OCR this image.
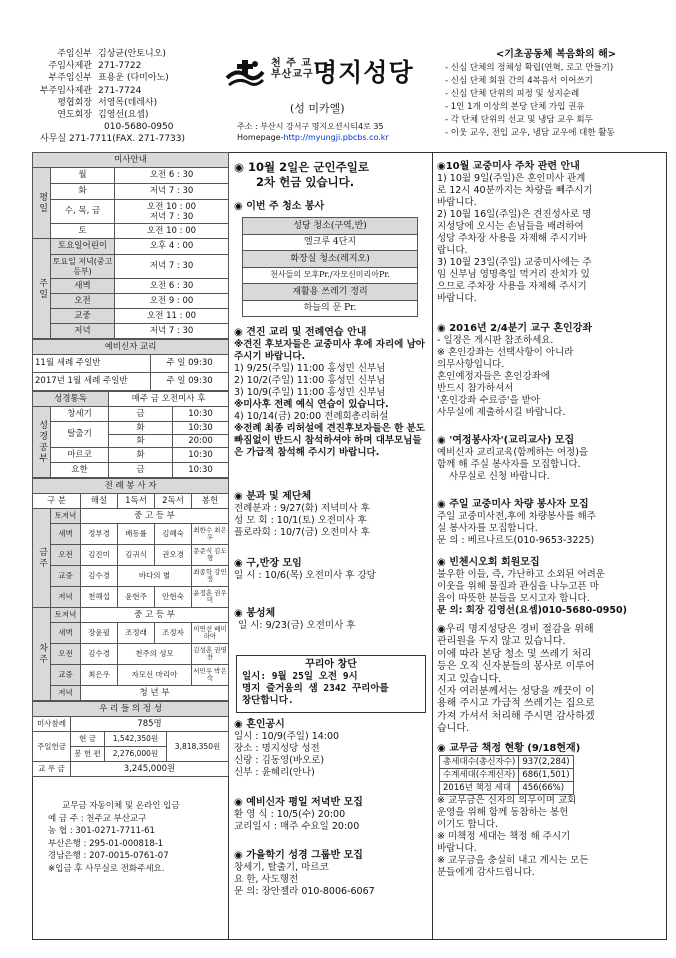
주임신부 김상균(안토니오)
주임사제관 271-7722
부주임신부 표용운 (다미아노)
부주임사제관 271-7724
평협회장 서영목(데레사)
연도회장 김영선(요셉)
010-5680-0950
사무실 271-7711(FAX. 271-7733)
천 주 교
부산교구 명지성당
(성 미카엘)
주소 : 부산시 강서구 명지오션시티4로 35
Homepage-http://myungji.pbcbs.co.kr
<기초공동체 복음화의 해>
- 신심 단체의 정체성 확립(연혁, 로고 만들기)
- 신심 단체 회원 간의 4복음서 이어쓰기
- 신심 단체 단위의 피정 및 성지순례
- 1인 1개 이상의 본당 단체 가입 권유
- 각 단체 단위의 선교 및 냉담 교우 회두
- 이웃 교우, 전입 교우, 냉담 교우에 대한 활동
미사안내		
평일	월	오전 6 : 30
	화	저녁 7 : 30
	수, 목, 금	오전 10 : 00
저녁 7 : 30

	토	오전 10 : 00
주일	토요일어린이	오후 4 : 00
	토요일 저녁(중고등부)	저녁 7 : 30
	새벽	오전 6 : 30
	오전	오전 9 : 00
	교중	오전 11 : 00
	저녁	저녁 7 : 30
예비신자 교리	
11월 세례 주일반	주 일 09:30
2017년 1월 세례 주일반	주 일 09:30
성경통독		매주 금 오전미사 후	
성경공부	창세기	금	10:30
	탈출기	화	10:30
		화	20:00
	마르코	화	10:30
	요한	금	10:30
전 례 봉 사 자					
구 분		해설	1독서	2독서	봉헌
금주	토저녁	중 고 등 부			
	새벽	정부경	배동률	김혜숙	최한수 최은우
	오전	김진미	김귀식	권오경	문준식 김도형
	교중	김수경	바다의 별		최종학 강민정
	저녁	천해섭	윤현주	안현숙	윤정훈 권우미
차주	토저녁	중 고 등 부			
	새벽	장윤필	조정래	조정자	이연선 배미라아
	오전	김수경	천주의 성모		김성훈 권영찬
	교중	최은우	자모신 마리아		서민우 박은숙
	저녁	청 년 부			
우 리 들 의 정 성			
미사참례	785명		
주일헌금	현 금	1,542,350원	3,818,350원
	봉 헌 편	2,276,000원	
교 무 금	3,245,000원		
교무금 자동이체 및 온라인 입금
예 금 주 : 천주교 부산교구
농 협 : 301-0271-7711-61
부산은행 : 295-01-000818-1
경남은행 : 207-0015-0761-07
※입금 후 사무실로 전화주세요.
◉ 10월 2일은 군인주일로
2차 헌금 있습니다.
◉ 이번 주 청소 봉사
성당 청소(구역,반)
엘크루 4단지
화장실 청소(레지오)
천사들의 모후Pr./자모신미리아Pr.
재활용 쓰레기 정리
하늘의 문 Pr.
◉ 견진 교리 및 전례연습 안내
※견진 후보자들은 교중미사 후에 자리에 남아주시기 바랍니다.

1) 9/25(주일) 11:00 홍성민 신부님

2) 10/2(주일) 11:00 홍성민 신부님

3) 10/9(주일) 11:00 홍성민 신부님

※미사후 전례 예식 연습이 있습니다.

4) 10/14(금) 20:00 전례회총리허설

※전례 최종 리허설에 견진후보자들은 한 분도 빠짐없이 반드시 참석하셔야 하며 대부모님들은 가급적 참석해 주시기 바랍니다.
◉ 분과 및 제단체

전례분과 : 9/27(화) 저녁미사 후

성 모 회 : 10/1(토) 오전미사 후

플로라회 : 10/7(금) 오전미사 후

◉ 구,반장 모임

일 시 : 10/6(목) 오전미사 후 강당

◉ 봉성체

일 시: 9/23(금) 오전미사 후

꾸리아 창단

일시: 9월 25일 오전 9시

명지 즐거움의 샘 2342 꾸리아를

창단합니다.

◉ 혼인공시

일시 : 10/9(주일) 14:00

장소 : 명지성당 성전

신랑 : 김동영(바오로)

신부 : 윤혜리(안나)

◉ 예비신자 평일 저녁반 모집

환 영 식 : 10/5(수) 20:00

교리일시 : 매주 수요일 20:00

◉ 가을학기 성경 그룹반 모집

창세기, 탈출기, 마르코

요 한, 사도행전

문 의: 장안젤라 010-8006-6067

◉10월 교중미사 주차 관련 안내

1) 10월 9일(주일)은 혼인미사 관계

로 12시 40분까지는 차량을 빼주시기

바랍니다.

2) 10월 16일(주일)은 견진성사로 명

지성당에 오시는 손님들을 배려하여

성당 주차장 사용을 자제해 주시기바

랍니다.

3) 10월 23일(주일) 교중미사에는 주

임 신부님 영명축일 먹거리 잔치가 있

으므로 주차장 사용을 자제해 주시기

바랍니다.

◉ 2016년 2/4분기 교구 혼인강좌

- 일정은 게시판 참조하세요.

※ 혼인강좌는 선택사항이 아니라

의무사항입니다.

혼인예정자들은 혼인강좌에

반드시 참가하셔서

'혼인강좌 수료증'을 받아

사무실에 제출하시길 바랍니다.

◉ '여정봉사자'(교리교사) 모집

예비신자 교리교육(함께하는 여정)을

함께 해 주실 봉사자를 모집합니다.

사무실로 신청 바랍니다.

◉ 주일 교중미사 차량 봉사자 모집

주일 교중미사전,후에 차량봉사를 해주

실 봉사자를 모집합니다.

문 의 : 베르나르도(010-9653-3225)

◉ 빈첸시오회 회원모집

불우한 이들, 즉, 가난하고 소외된 어려운

이웃을 위해 물질과 관심을 나누고픈 마

음이 따뜻한 분들을 모시고자 합니다.

문 의: 회장 김영선(요셉)010-5680-0950)

◉우리 명지성당은 경비 절감을 위해

관리원을 두지 않고 있습니다.

이에 따라 본당 청소 및 쓰레기 처리

등은 오직 신자분들의 봉사로 이루어

지고 있습니다.

신자 여러분께서는 성당을 깨끗이 이

용해 주시고 가급적 쓰레기는 집으로

가져 가셔서 처리해 주시면 감사하겠

습니다.

◉ 교무금 책정 현황 (9/18현재)
총세대수(총신자수)	937(2,284)
수계세대(수계신자)	686(1,501)
2016년 책정 세대	456(66%)

※ 교무금은 신자의 의무이며 교회

운영을 위해 함께 동참하는 봉헌

이기도 합니다.

※ 미책정 세대는 책정 해 주시기

바랍니다.

※ 교무금을 충실히 내고 계시는 모든

분들에게 감사드립니다.
